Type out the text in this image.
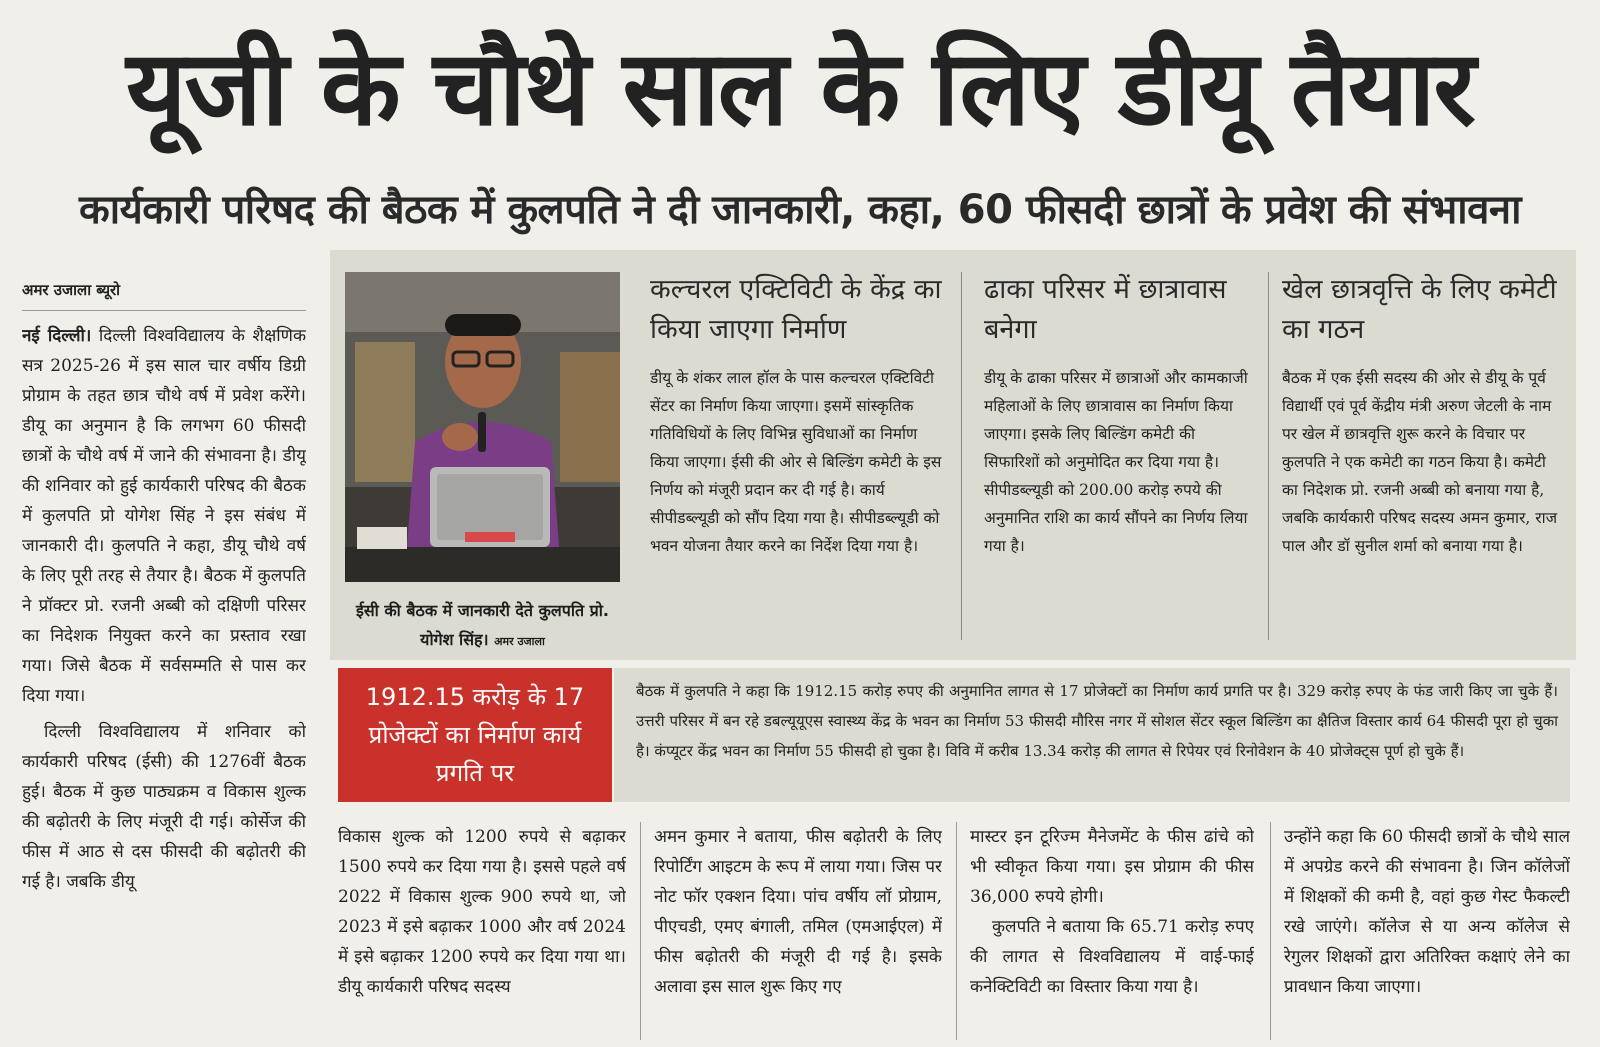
यूजी के चौथे साल के लिए डीयू तैयार
कार्यकारी परिषद की बैठक में कुलपति ने दी जानकारी, कहा, 60 फीसदी छात्रों के प्रवेश की संभावना
अमर उजाला ब्यूरो

नई दिल्ली। दिल्ली विश्वविद्यालय के शैक्षणिक सत्र 2025-26 में इस साल चार वर्षीय डिग्री प्रोग्राम के तहत छात्र चौथे वर्ष में प्रवेश करेंगे। डीयू का अनुमान है कि लगभग 60 फीसदी छात्रों के चौथे वर्ष में जाने की संभावना है। डीयू की शनिवार को हुई कार्यकारी परिषद की बैठक में कुलपति प्रो योगेश सिंह ने इस संबंध में जानकारी दी। कुलपति ने कहा, डीयू चौथे वर्ष के लिए पूरी तरह से तैयार है। बैठक में कुलपति ने प्रॉक्टर प्रो. रजनी अब्बी को दक्षिणी परिसर का निदेशक नियुक्त करने का प्रस्ताव रखा गया। जिसे बैठक में सर्वसम्मति से पास कर दिया गया।

दिल्ली विश्वविद्यालय में शनिवार को कार्यकारी परिषद (ईसी) की 1276वीं बैठक हुई। बैठक में कुछ पाठ्यक्रम व विकास शुल्क की बढ़ोतरी के लिए मंजूरी दी गई। कोर्सेज की फीस में आठ से दस फीसदी की बढ़ोतरी की गई है। जबकि डीयू

ईसी की बैठक में जानकारी देते कुलपति प्रो. योगेश सिंह। अमर उजाला
कल्चरल एक्टिविटी के केंद्र का किया जाएगा निर्माण

डीयू के शंकर लाल हॉल के पास कल्चरल एक्टिविटी सेंटर का निर्माण किया जाएगा। इसमें सांस्कृतिक गतिविधियों के लिए विभिन्न सुविधाओं का निर्माण किया जाएगा। ईसी की ओर से बिल्डिंग कमेटी के इस निर्णय को मंजूरी प्रदान कर दी गई है। कार्य सीपीडब्ल्यूडी को सौंप दिया गया है। सीपीडब्ल्यूडी को भवन योजना तैयार करने का निर्देश दिया गया है।

ढाका परिसर में छात्रावास बनेगा

डीयू के ढाका परिसर में छात्राओं और कामकाजी महिलाओं के लिए छात्रावास का निर्माण किया जाएगा। इसके लिए बिल्डिंग कमेटी की सिफारिशों को अनुमोदित कर दिया गया है। सीपीडब्ल्यूडी को 200.00 करोड़ रुपये की अनुमानित राशि का कार्य सौंपने का निर्णय लिया गया है।

खेल छात्रवृत्ति के लिए कमेटी का गठन

बैठक में एक ईसी सदस्य की ओर से डीयू के पूर्व विद्यार्थी एवं पूर्व केंद्रीय मंत्री अरुण जेटली के नाम पर खेल में छात्रवृत्ति शुरू करने के विचार पर कुलपति ने एक कमेटी का गठन किया है। कमेटी का निदेशक प्रो. रजनी अब्बी को बनाया गया है, जबकि कार्यकारी परिषद सदस्य अमन कुमार, राज पाल और डॉ सुनील शर्मा को बनाया गया है।

1912.15 करोड़ के 17 प्रोजेक्टों का निर्माण कार्य प्रगति पर

बैठक में कुलपति ने कहा कि 1912.15 करोड़ रुपए की अनुमानित लागत से 17 प्रोजेक्टों का निर्माण कार्य प्रगति पर है। 329 करोड़ रुपए के फंड जारी किए जा चुके हैं। उत्तरी परिसर में बन रहे डबल्यूयूएस स्वास्थ्य केंद्र के भवन का निर्माण 53 फीसदी मौरिस नगर में सोशल सेंटर स्कूल बिल्डिंग का क्षैतिज विस्तार कार्य 64 फीसदी पूरा हो चुका है। कंप्यूटर केंद्र भवन का निर्माण 55 फीसदी हो चुका है। विवि में करीब 13.34 करोड़ की लागत से रिपेयर एवं रिनोवेशन के 40 प्रोजेक्ट्स पूर्ण हो चुके हैं।

विकास शुल्क को 1200 रुपये से बढ़ाकर 1500 रुपये कर दिया गया है। इससे पहले वर्ष 2022 में विकास शुल्क 900 रुपये था, जो 2023 में इसे बढ़ाकर 1000 और वर्ष 2024 में इसे बढ़ाकर 1200 रुपये कर दिया गया था। डीयू कार्यकारी परिषद सदस्य

अमन कुमार ने बताया, फीस बढ़ोतरी के लिए रिपोर्टिंग आइटम के रूप में लाया गया। जिस पर नोट फॉर एक्शन दिया। पांच वर्षीय लॉ प्रोग्राम, पीएचडी, एमए बंगाली, तमिल (एमआईएल) में फीस बढ़ोतरी की मंजूरी दी गई है। इसके अलावा इस साल शुरू किए गए

मास्टर इन टूरिज्म मैनेजमेंट के फीस ढांचे को भी स्वीकृत किया गया। इस प्रोग्राम की फीस 36,000 रुपये होगी।

कुलपति ने बताया कि 65.71 करोड़ रुपए की लागत से विश्वविद्यालय में वाई-फाई कनेक्टिविटी का विस्तार किया गया है।

उन्होंने कहा कि 60 फीसदी छात्रों के चौथे साल में अपग्रेड करने की संभावना है। जिन कॉलेजों में शिक्षकों की कमी है, वहां कुछ गेस्ट फैकल्टी रखे जाएंगे। कॉलेज से या अन्य कॉलेज से रेगुलर शिक्षकों द्वारा अतिरिक्त कक्षाएं लेने का प्रावधान किया जाएगा।
